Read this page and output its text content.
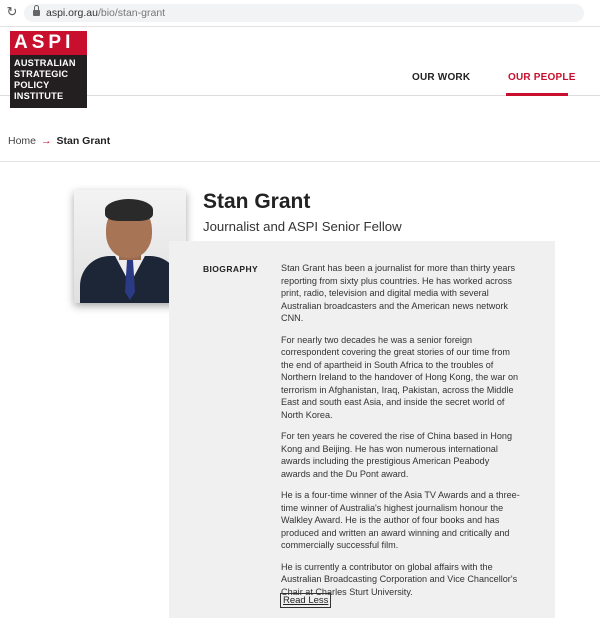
↻	aspi.org.au/bio/stan-grant
ASPI
AUSTRALIAN
STRATEGIC
POLICY
INSTITUTE
OUR WORK	OUR PEOPLE
Home → Stan Grant
Stan Grant
Journalist and ASPI Senior Fellow
BIOGRAPHY	Stan Grant has been a journalist for more than thirty years reporting from sixty plus countries. He has worked across print, radio, television and digital media with several Australian broadcasters and the American news network CNN.

For nearly two decades he was a senior foreign correspondent covering the great stories of our time from the end of apartheid in South Africa to the troubles of Northern Ireland to the handover of Hong Kong, the war on terrorism in Afghanistan, Iraq, Pakistan, across the Middle East and south east Asia, and inside the secret world of North Korea.

For ten years he covered the rise of China based in Hong Kong and Beijing. He has won numerous international awards including the prestigious American Peabody awards and the Du Pont award.

He is a four-time winner of the Asia TV Awards and a three-time winner of Australia's highest journalism honour the Walkley Award. He is the author of four books and has produced and written an award winning and critically and commercially successful film.

He is currently a contributor on global affairs with the Australian Broadcasting Corporation and Vice Chancellor's Chair at Charles Sturt University.

Read Less
